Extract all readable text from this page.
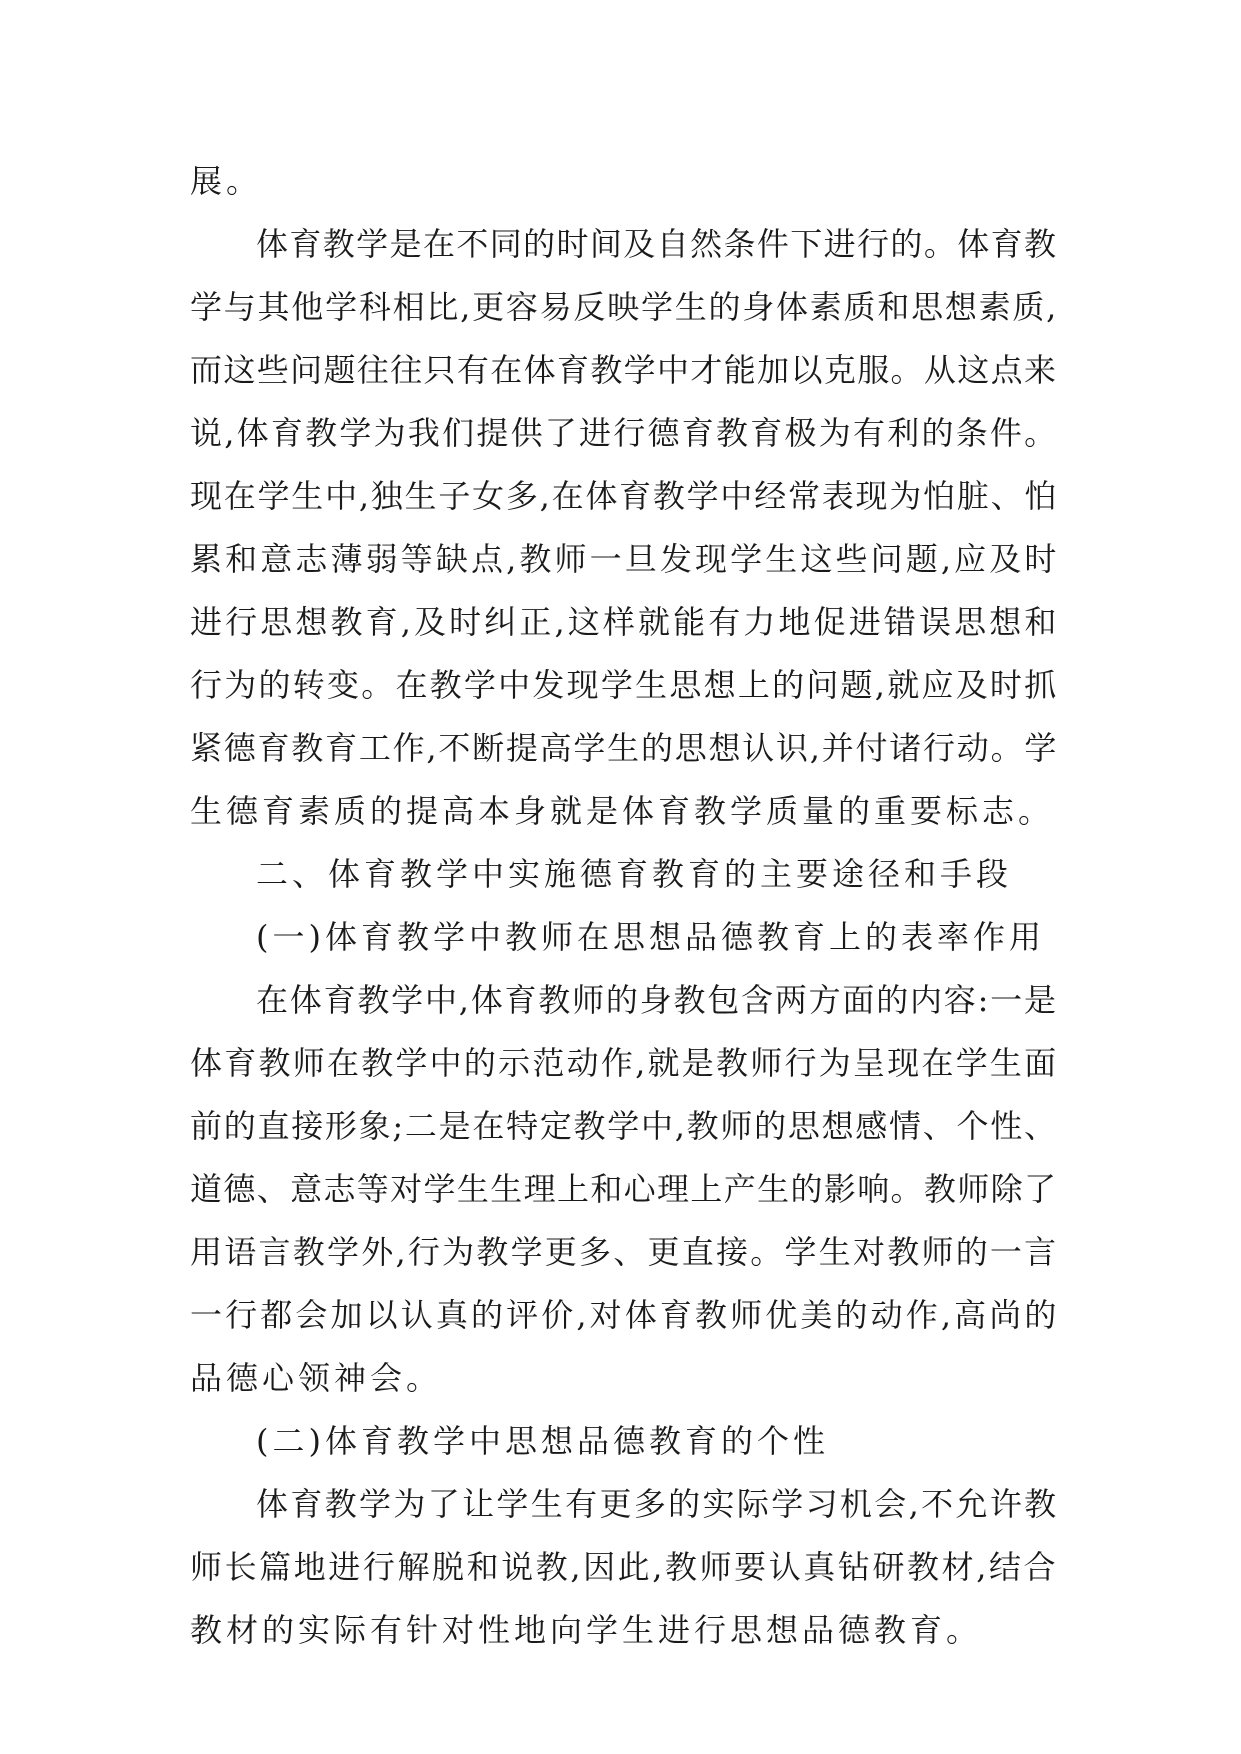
展。
体育教学是在不同的时间及自然条件下进行的。体育教
学与其他学科相比,更容易反映学生的身体素质和思想素质,
而这些问题往往只有在体育教学中才能加以克服。从这点来
说,体育教学为我们提供了进行德育教育极为有利的条件。
现在学生中,独生子女多,在体育教学中经常表现为怕脏、怕
累和意志薄弱等缺点,教师一旦发现学生这些问题,应及时
进行思想教育,及时纠正,这样就能有力地促进错误思想和
行为的转变。在教学中发现学生思想上的问题,就应及时抓
紧德育教育工作,不断提高学生的思想认识,并付诸行动。学
生德育素质的提高本身就是体育教学质量的重要标志。
二、体育教学中实施德育教育的主要途径和手段
(一)体育教学中教师在思想品德教育上的表率作用
在体育教学中,体育教师的身教包含两方面的内容:一是
体育教师在教学中的示范动作,就是教师行为呈现在学生面
前的直接形象;二是在特定教学中,教师的思想感情、个性、
道德、意志等对学生生理上和心理上产生的影响。教师除了
用语言教学外,行为教学更多、更直接。学生对教师的一言
一行都会加以认真的评价,对体育教师优美的动作,高尚的
品德心领神会。
(二)体育教学中思想品德教育的个性
体育教学为了让学生有更多的实际学习机会,不允许教
师长篇地进行解脱和说教,因此,教师要认真钻研教材,结合
教材的实际有针对性地向学生进行思想品德教育。
